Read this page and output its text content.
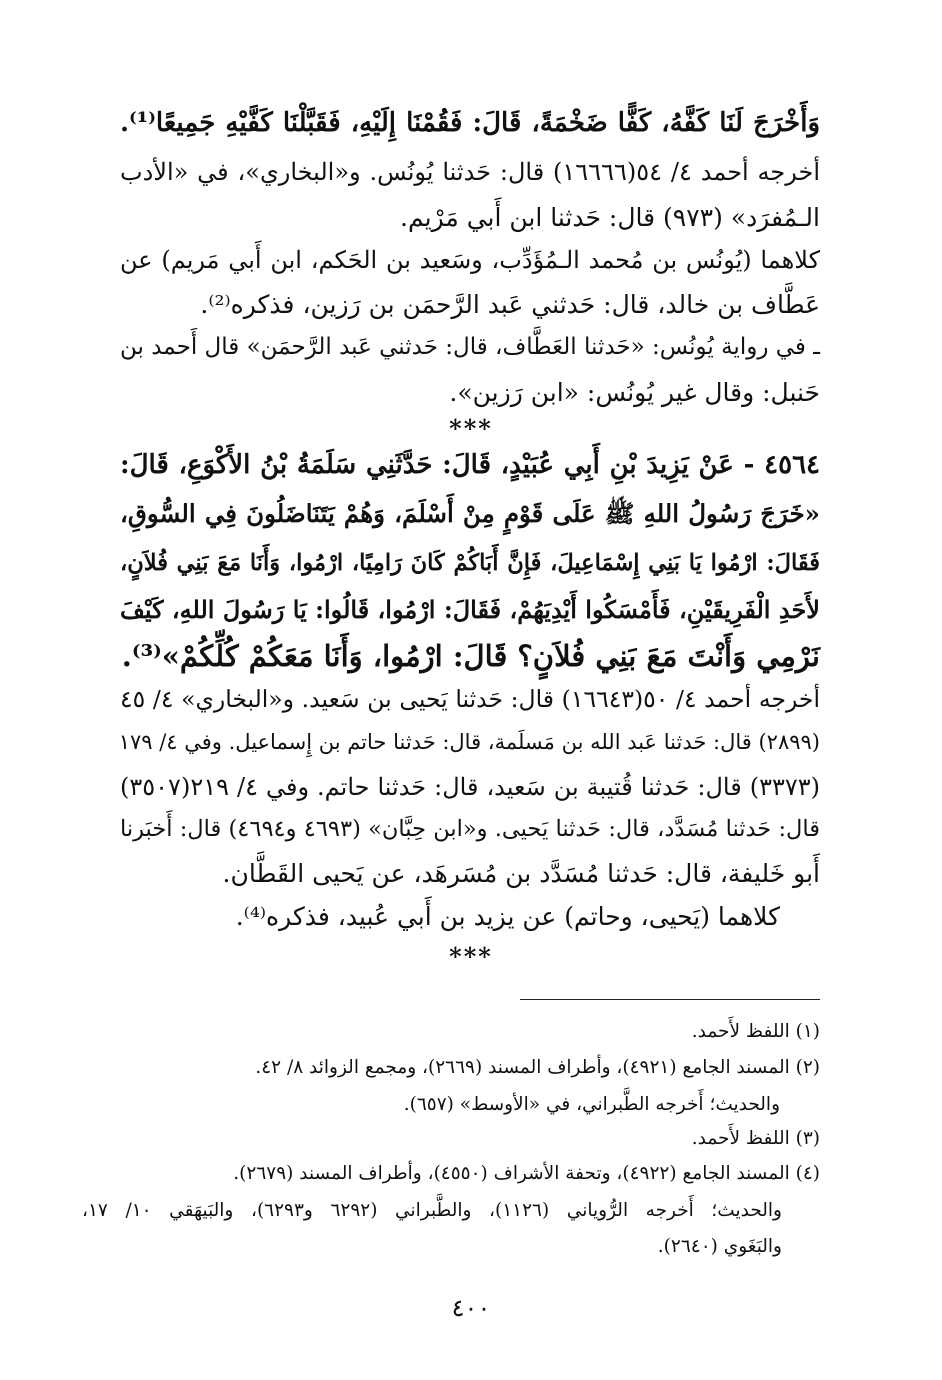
وَأَخْرَجَ لَنَا كَفَّهُ، كَفًّا ضَخْمَةً، قَالَ: فَقُمْنَا إِلَيْهِ، فَقَبَّلْنَا كَفَّيْهِ جَمِيعًا⁽¹⁾.
أخرجه أحمد ٤/ ٥٤(١٦٦٦٦) قال: حَدثنا يُونُس. و«البخاري»، في «الأدب
الـمُفرَد» (٩٧٣) قال: حَدثنا ابن أَبي مَرْيم.
كلاهما (يُونُس بن مُحمد الـمُؤَدِّب، وسَعيد بن الحَكم، ابن أَبي مَريم) عن
عَطَّاف بن خالد، قال: حَدثني عَبد الرَّحمَن بن رَزين، فذكره⁽²⁾.
ـ في رواية يُونُس: «حَدثنا العَطَّاف، قال: حَدثني عَبد الرَّحمَن» قال أَحمد بن
حَنبل: وقال غير يُونُس: «ابن رَزين».
***
٤٥٦٤ - عَنْ يَزِيدَ بْنِ أَبِي عُبَيْدٍ، قَالَ: حَدَّثَنِي سَلَمَةُ بْنُ الأَكْوَعِ، قَالَ:
«خَرَجَ رَسُولُ اللهِ ﷺ عَلَى قَوْمٍ مِنْ أَسْلَمَ، وَهُمْ يَتَنَاضَلُونَ فِي السُّوقِ،
فَقَالَ: ارْمُوا يَا بَنِي إِسْمَاعِيلَ، فَإِنَّ أَبَاكُمْ كَانَ رَامِيًا، ارْمُوا، وَأَنَا مَعَ بَنِي فُلاَنٍ،
لأَحَدِ الْفَرِيقَيْنِ، فَأَمْسَكُوا أَيْدِيَهُمْ، فَقَالَ: ارْمُوا، قَالُوا: يَا رَسُولَ اللهِ، كَيْفَ
نَرْمِي وَأَنْتَ مَعَ بَنِي فُلاَنٍ؟ قَالَ: ارْمُوا، وَأَنَا مَعَكُمْ كُلِّكُمْ»⁽³⁾.
أخرجه أحمد ٤/ ٥٠(١٦٦٤٣) قال: حَدثنا يَحيى بن سَعيد. و«البخاري» ٤/ ٤٥
(٢٨٩٩) قال: حَدثنا عَبد الله بن مَسلَمة، قال: حَدثنا حاتم بن إِسماعيل. وفي ٤/ ١٧٩
(٣٣٧٣) قال: حَدثنا قُتيبة بن سَعيد، قال: حَدثنا حاتم. وفي ٤/ ٢١٩(٣٥٠٧)
قال: حَدثنا مُسَدَّد، قال: حَدثنا يَحيى. و«ابن حِبَّان» (٤٦٩٣ و٤٦٩٤) قال: أَخبَرنا
أَبو خَليفة، قال: حَدثنا مُسَدَّد بن مُسَرهَد، عن يَحيى القَطَّان.
كلاهما (يَحيى، وحاتم) عن يزيد بن أَبي عُبيد، فذكره⁽⁴⁾.
***
(١) اللفظ لأَحمد.
(٢) المسند الجامع (٤٩٢١)، وأطراف المسند (٢٦٦٩)، ومجمع الزوائد ٨/ ٤٢.
والحديث؛ أَخرجه الطَّبراني، في «الأوسط» (٦٥٧).
(٣) اللفظ لأَحمد.
(٤) المسند الجامع (٤٩٢٢)، وتحفة الأشراف (٤٥٥٠)، وأطراف المسند (٢٦٧٩).
والحديث؛ أَخرجه الرُّوياني (١١٢٦)، والطَّبراني (٦٢٩٢ و٦٢٩٣)، والبَيهَقي ١٠/ ١٧،
والبَغَوي (٢٦٤٠).
٤٠٠
